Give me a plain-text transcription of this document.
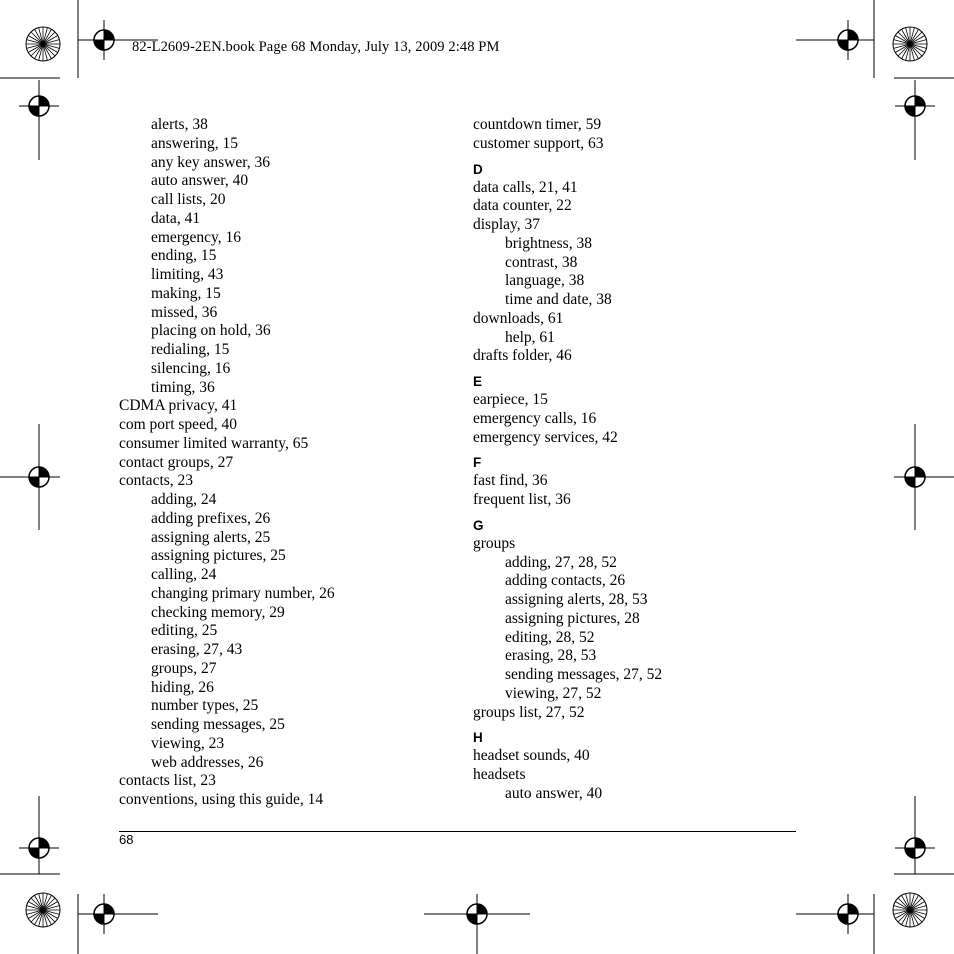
82-L2609-2EN.book Page 68 Monday, July 13, 2009 2:48 PM
alerts, 38
answering, 15
any key answer, 36
auto answer, 40
call lists, 20
data, 41
emergency, 16
ending, 15
limiting, 43
making, 15
missed, 36
placing on hold, 36
redialing, 15
silencing, 16
timing, 36
CDMA privacy, 41
com port speed, 40
consumer limited warranty, 65
contact groups, 27
contacts, 23
adding, 24
adding prefixes, 26
assigning alerts, 25
assigning pictures, 25
calling, 24
changing primary number, 26
checking memory, 29
editing, 25
erasing, 27, 43
groups, 27
hiding, 26
number types, 25
sending messages, 25
viewing, 23
web addresses, 26
contacts list, 23
conventions, using this guide, 14
countdown timer, 59
customer support, 63
D
data calls, 21, 41
data counter, 22
display, 37
brightness, 38
contrast, 38
language, 38
time and date, 38
downloads, 61
help, 61
drafts folder, 46
E
earpiece, 15
emergency calls, 16
emergency services, 42
F
fast find, 36
frequent list, 36
G
groups
adding, 27, 28, 52
adding contacts, 26
assigning alerts, 28, 53
assigning pictures, 28
editing, 28, 52
erasing, 28, 53
sending messages, 27, 52
viewing, 27, 52
groups list, 27, 52
H
headset sounds, 40
headsets
auto answer, 40
68
